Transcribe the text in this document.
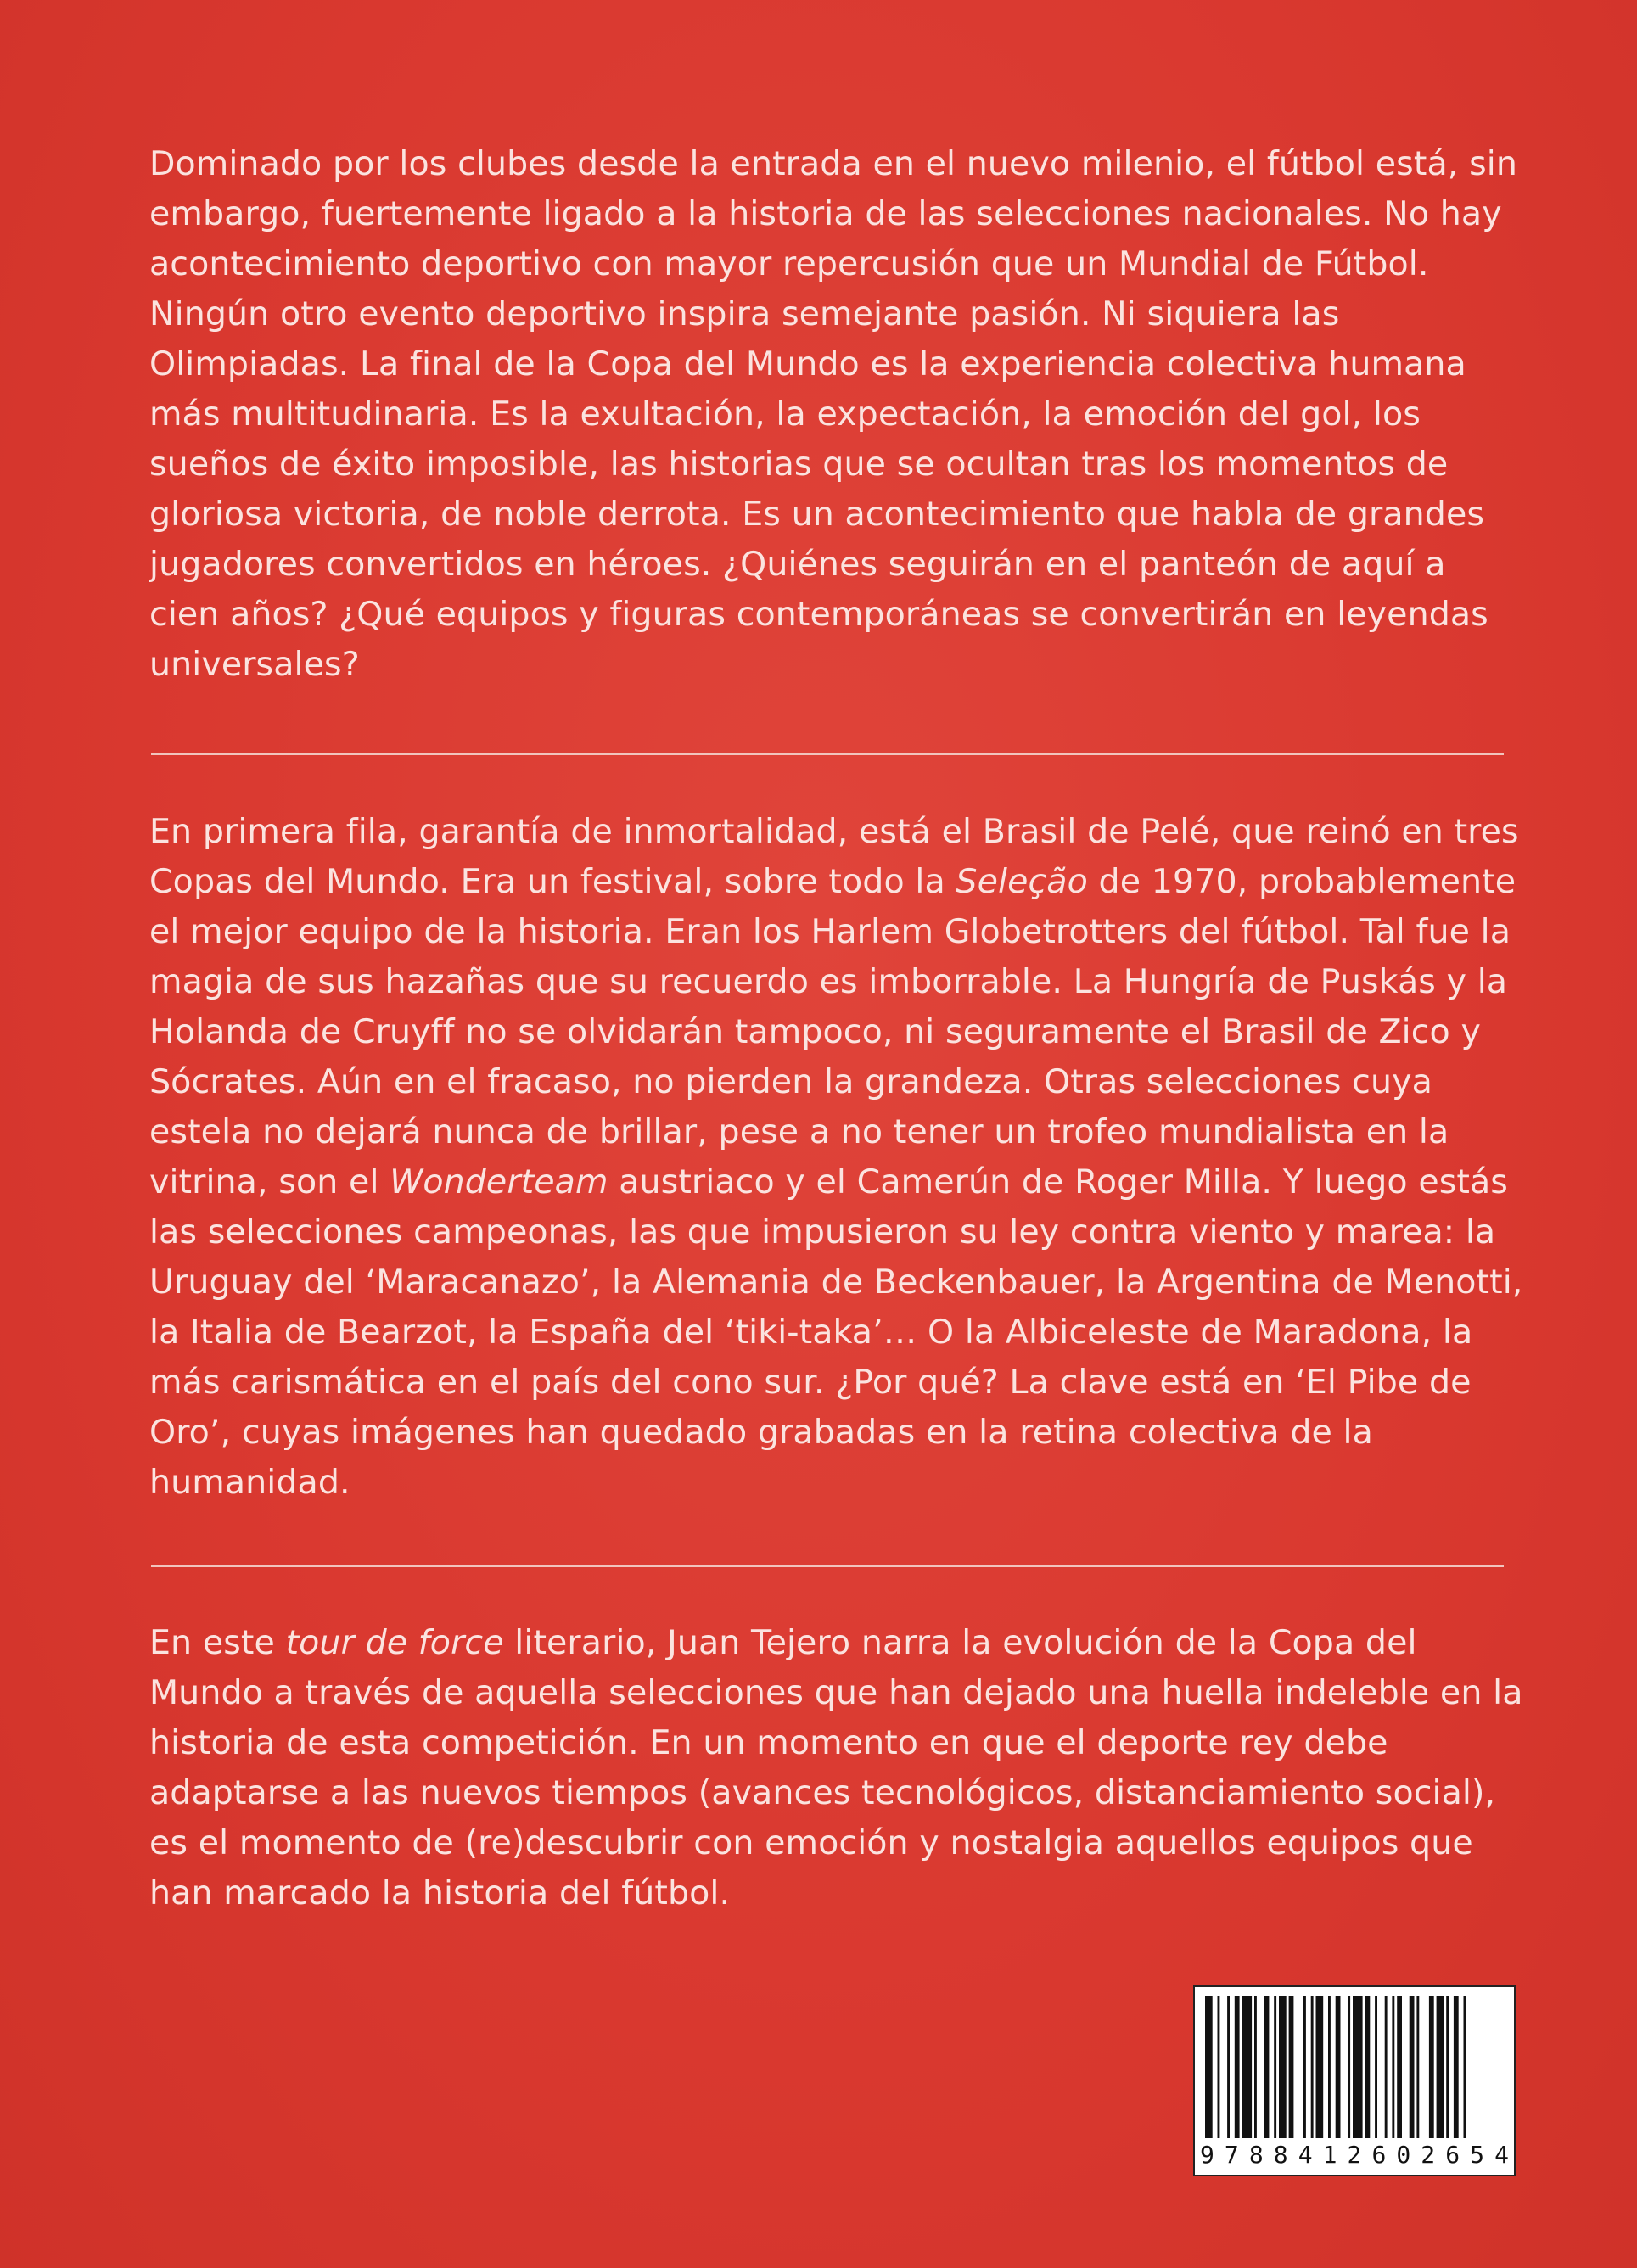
Dominado por los clubes desde la entrada en el nuevo milenio, el fútbol está, sin embargo, fuertemente ligado a la historia de las selecciones nacionales. No hay acontecimiento deportivo con mayor repercusión que un Mundial de Fútbol. Ningún otro evento deportivo inspira semejante pasión. Ni siquiera las Olimpiadas. La final de la Copa del Mundo es la experiencia colectiva humana más multitudinaria. Es la exultación, la expectación, la emoción del gol, los sueños de éxito imposible, las historias que se ocultan tras los momentos de gloriosa victoria, de noble derrota. Es un acontecimiento que habla de grandes jugadores convertidos en héroes. ¿Quiénes seguirán en el panteón de aquí a cien años? ¿Qué equipos y figuras contemporáneas se convertirán en leyendas universales?

En primera fila, garantía de inmortalidad, está el Brasil de Pelé, que reinó en tres Copas del Mundo. Era un festival, sobre todo la Seleção de 1970, probablemente el mejor equipo de la historia. Eran los Harlem Globetrotters del fútbol. Tal fue la magia de sus hazañas que su recuerdo es imborrable. La Hungría de Puskás y la Holanda de Cruyff no se olvidarán tampoco, ni seguramente el Brasil de Zico y Sócrates. Aún en el fracaso, no pierden la grandeza. Otras selecciones cuya estela no dejará nunca de brillar, pese a no tener un trofeo mundialista en la vitrina, son el Wonderteam austriaco y el Camerún de Roger Milla. Y luego estás las selecciones campeonas, las que impusieron su ley contra viento y marea: la Uruguay del ‘Maracanazo’, la Alemania de Beckenbauer, la Argentina de Menotti, la Italia de Bearzot, la España del ‘tiki-taka’… O la Albiceleste de Maradona, la más carismática en el país del cono sur. ¿Por qué? La clave está en ‘El Pibe de Oro’, cuyas imágenes han quedado grabadas en la retina colectiva de la humanidad.

En este tour de force literario, Juan Tejero narra la evolución de la Copa del Mundo a través de aquella selecciones que han dejado una huella indeleble en la historia de esta competición. En un momento en que el deporte rey debe adaptarse a las nuevos tiempos (avances tecnológicos, distanciamiento social), es el momento de (re)descubrir con emoción y nostalgia aquellos equipos que han marcado la historia del fútbol.

9 7 8 8 4 1 2 6 0 2 6 5 4
